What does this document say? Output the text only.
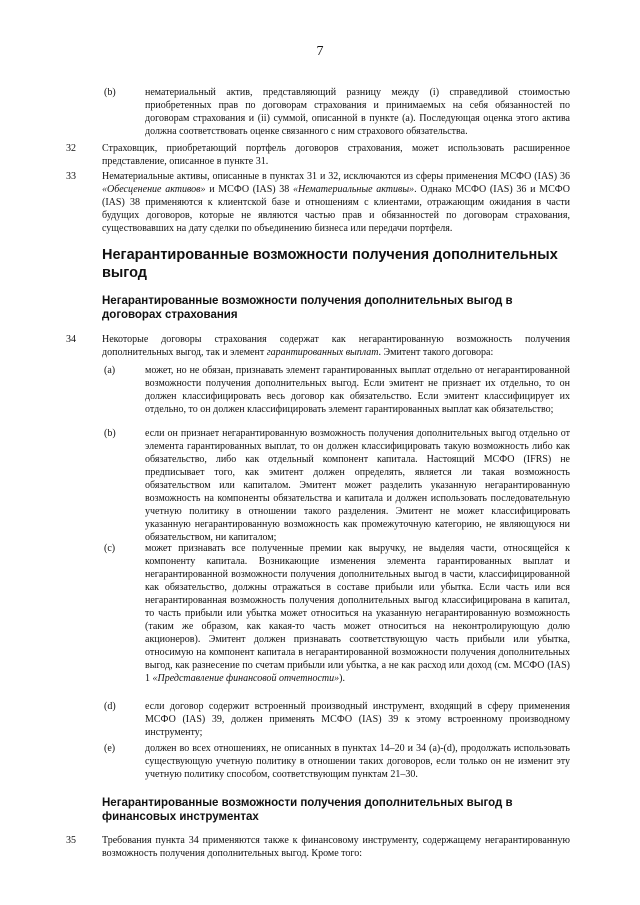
7
(b)	нематериальный актив, представляющий разницу между (i) справедливой стоимостью приобретенных прав по договорам страхования и принимаемых на себя обязанностей по договорам страхования и (ii) суммой, описанной в пункте (а). Последующая оценка этого актива должна соответствовать оценке связанного с ним страхового обязательства.
32	Страховщик, приобретающий портфель договоров страхования, может использовать расширенное представление, описанное в пункте 31.
33	Нематериальные активы, описанные в пунктах 31 и 32, исключаются из сферы применения МСФО (IAS) 36 «Обесценение активов» и МСФО (IAS) 38 «Нематериальные активы». Однако МСФО (IAS) 36 и МСФО (IAS) 38 применяются к клиентской базе и отношениям с клиентами, отражающим ожидания в части будущих договоров, которые не являются частью прав и обязанностей по договорам страхования, существовавших на дату сделки по объединению бизнеса или передачи портфеля.
Негарантированные возможности получения дополнительных выгод
Негарантированные возможности получения дополнительных выгод в договорах страхования
34	Некоторые договоры страхования содержат как негарантированную возможность получения дополнительных выгод, так и элемент гарантированных выплат. Эмитент такого договора:
(а)	может, но не обязан, признавать элемент гарантированных выплат отдельно от негарантированной возможности получения дополнительных выгод. Если эмитент не признает их отдельно, то он должен классифицировать весь договор как обязательство. Если эмитент классифицирует их отдельно, то он должен классифицировать элемент гарантированных выплат как обязательство;
(b)	если он признает негарантированную возможность получения дополнительных выгод отдельно от элемента гарантированных выплат, то он должен классифицировать такую возможность либо как обязательство, либо как отдельный компонент капитала. Настоящий МСФО (IFRS) не предписывает того, как эмитент должен определять, является ли такая возможность обязательством или капиталом. Эмитент может разделить указанную негарантированную возможность на компоненты обязательства и капитала и должен использовать последовательную учетную политику в отношении такого разделения. Эмитент не может классифицировать указанную негарантированную возможность как промежуточную категорию, не являющуюся ни обязательством, ни капиталом;
(c)	может признавать все полученные премии как выручку, не выделяя части, относящейся к компоненту капитала. Возникающие изменения элемента гарантированных выплат и негарантированной возможности получения дополнительных выгод в части, классифицированной как обязательство, должны отражаться в составе прибыли или убытка. Если часть или вся негарантированная возможность получения дополнительных выгод классифицирована в капитал, то часть прибыли или убытка может относиться на указанную негарантированную возможность (таким же образом, как какая-то часть может относиться на неконтролирующую долю акционеров). Эмитент должен признавать соответствующую часть прибыли или убытка, относимую на компонент капитала в негарантированной возможности получения дополнительных выгод, как разнесение по счетам прибыли или убытка, а не как расход или доход (см. МСФО (IAS) 1 «Представление финансовой отчетности»).
(d)	если договор содержит встроенный производный инструмент, входящий в сферу применения МСФО (IAS) 39, должен применять МСФО (IAS) 39 к этому встроенному производному инструменту;
(e)	должен во всех отношениях, не описанных в пунктах 14–20 и 34 (а)-(d), продолжать использовать существующую учетную политику в отношении таких договоров, если только он не изменит эту учетную политику способом, соответствующим пунктам 21–30.
Негарантированные возможности получения дополнительных выгод в финансовых инструментах
35	Требования пункта 34 применяются также к финансовому инструменту, содержащему негарантированную возможность получения дополнительных выгод. Кроме того:
